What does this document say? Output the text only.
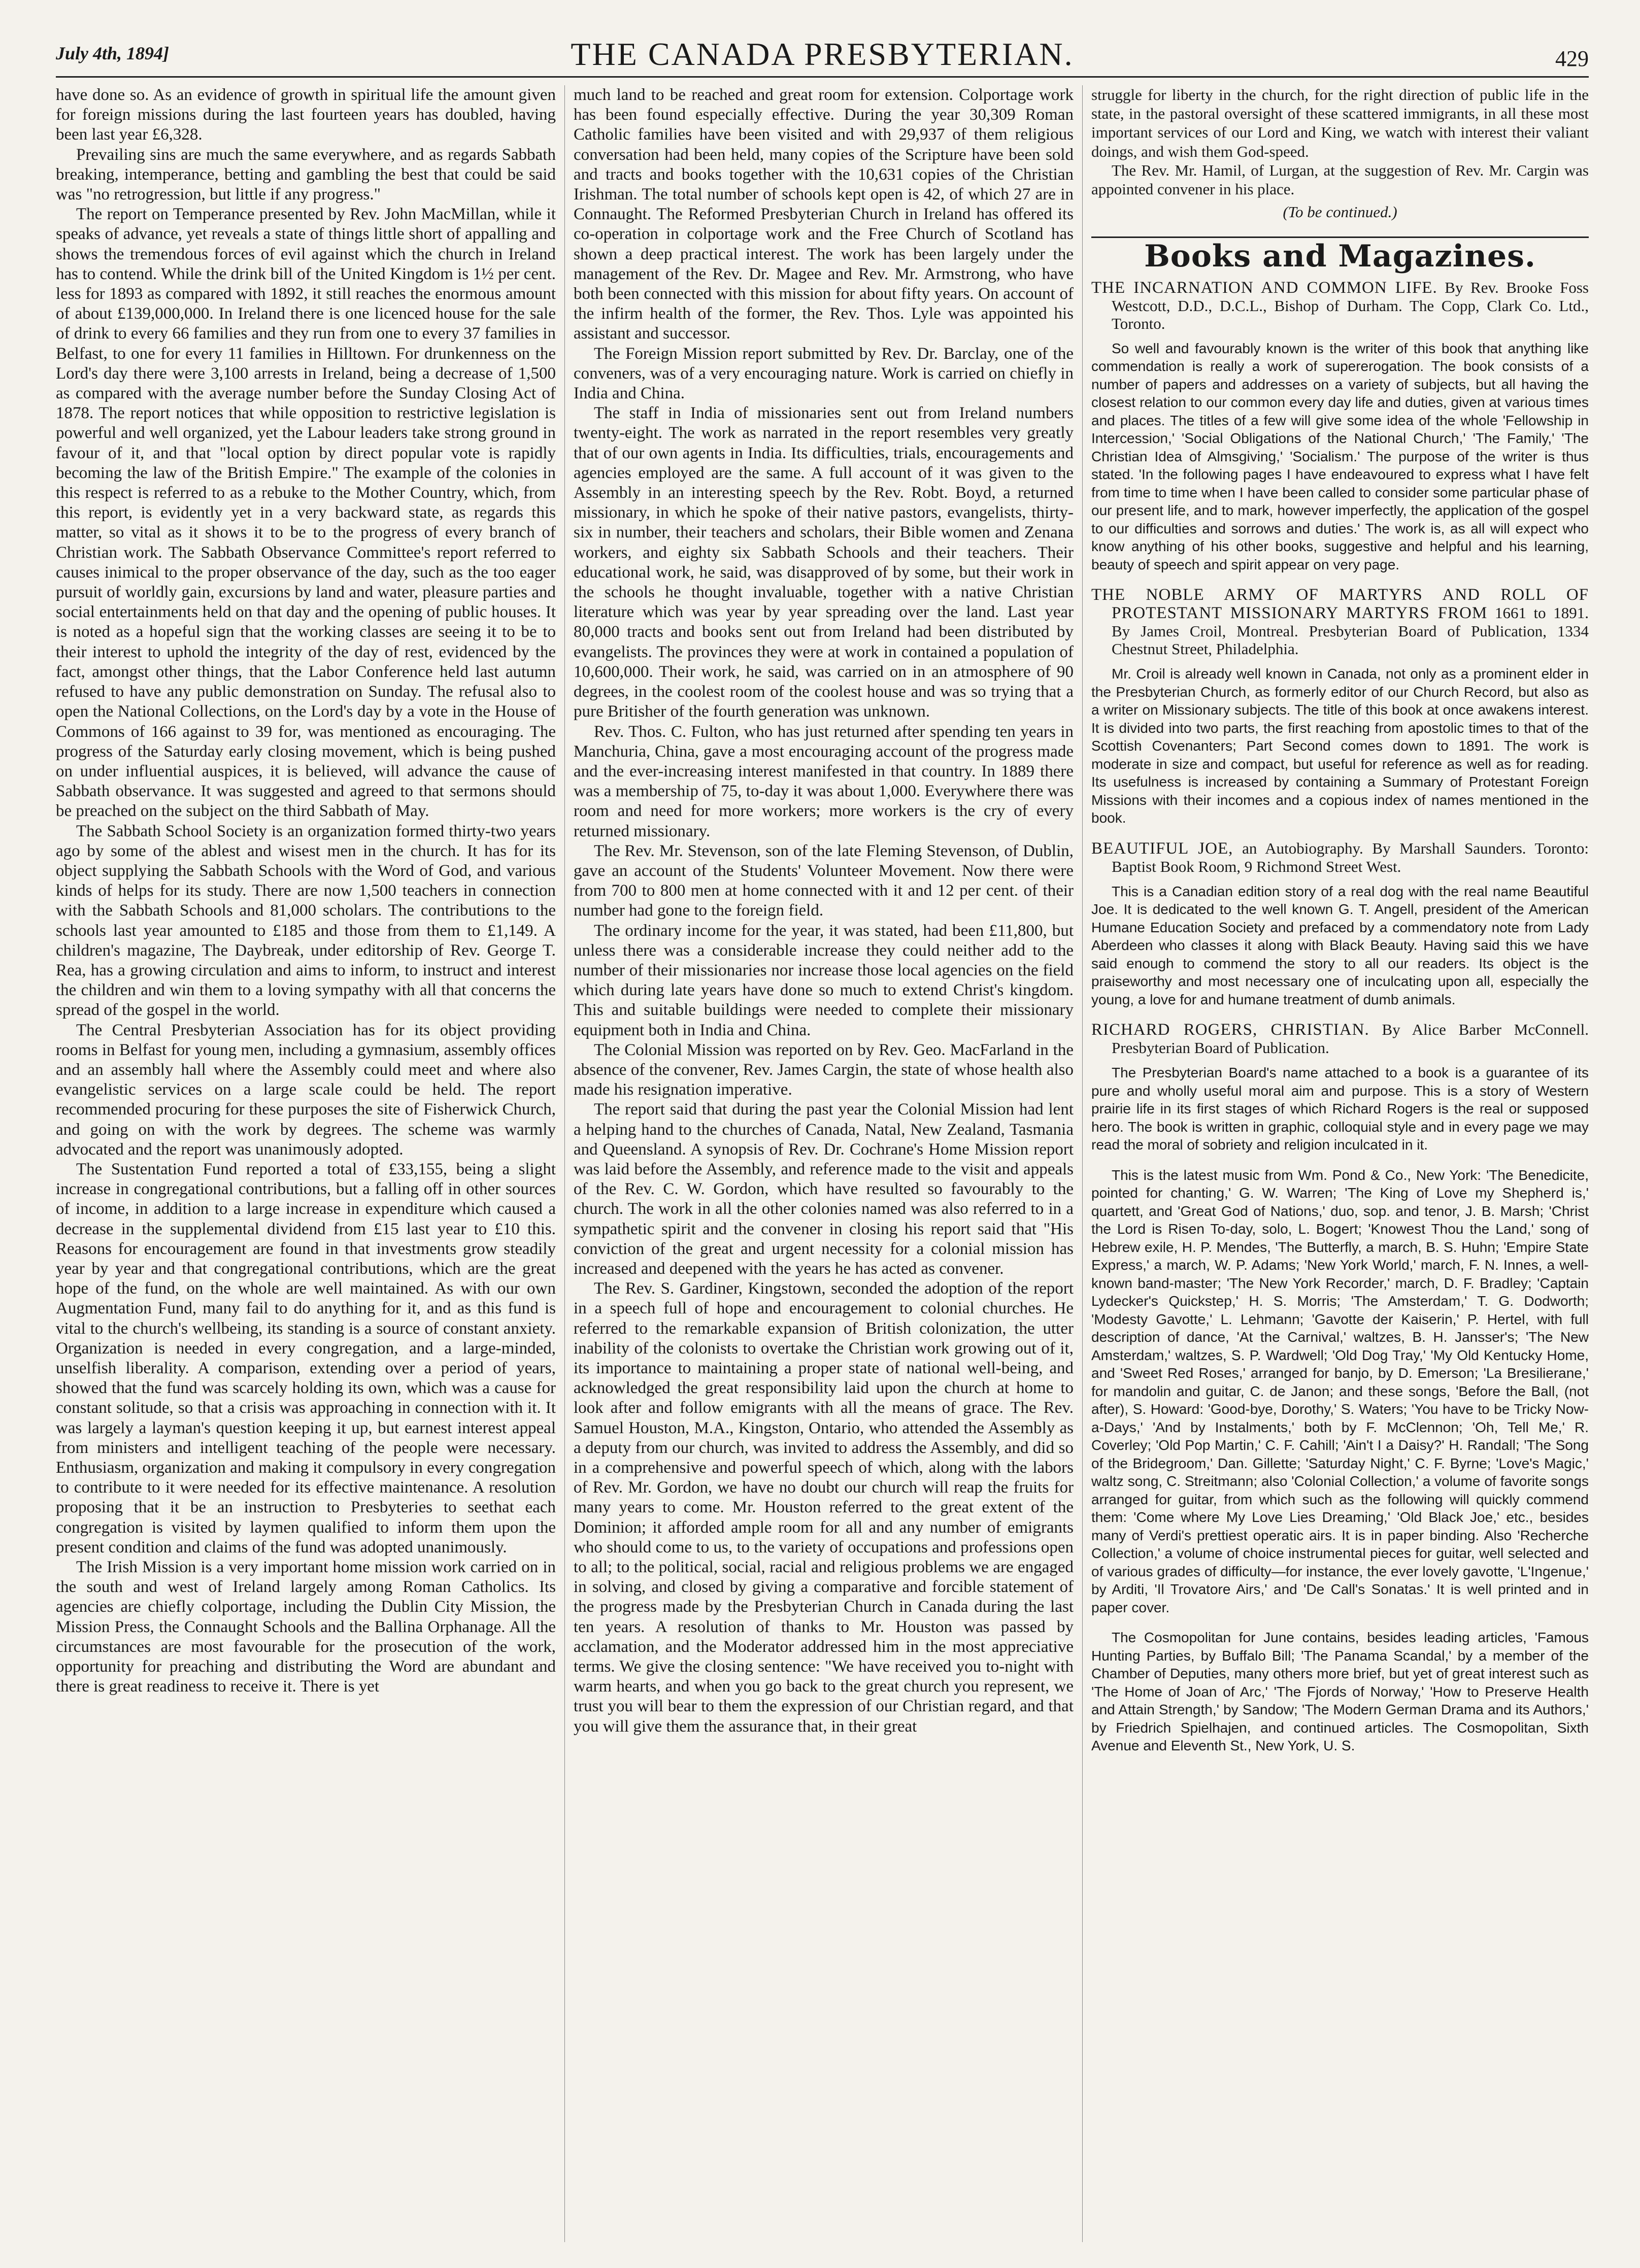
July 4th, 1894]	THE CANADA PRESBYTERIAN.	429

have done so. As an evidence of growth in spiritual life the amount given for foreign missions during the last fourteen years has doubled, having been last year £6,328.

Prevailing sins are much the same everywhere, and as regards Sabbath breaking, intemperance, betting and gambling the best that could be said was "no retrogression, but little if any progress."

The report on Temperance presented by Rev. John MacMillan, while it speaks of advance, yet reveals a state of things little short of appalling and shows the tremendous forces of evil against which the church in Ireland has to contend. While the drink bill of the United Kingdom is 1½ per cent. less for 1893 as compared with 1892, it still reaches the enormous amount of about £139,000,000. In Ireland there is one licenced house for the sale of drink to every 66 families and they run from one to every 37 families in Belfast, to one for every 11 families in Hilltown. For drunkenness on the Lord's day there were 3,100 arrests in Ireland, being a decrease of 1,500 as compared with the average number before the Sunday Closing Act of 1878. The report notices that while opposition to restrictive legislation is powerful and well organized, yet the Labour leaders take strong ground in favour of it, and that "local option by direct popular vote is rapidly becoming the law of the British Empire." The example of the colonies in this respect is referred to as a rebuke to the Mother Country, which, from this report, is evidently yet in a very backward state, as regards this matter, so vital as it shows it to be to the progress of every branch of Christian work. The Sabbath Observance Committee's report referred to causes inimical to the proper observance of the day, such as the too eager pursuit of worldly gain, excursions by land and water, pleasure parties and social entertainments held on that day and the opening of public houses. It is noted as a hopeful sign that the working classes are seeing it to be to their interest to uphold the integrity of the day of rest, evidenced by the fact, amongst other things, that the Labor Conference held last autumn refused to have any public demonstration on Sunday. The refusal also to open the National Collections, on the Lord's day by a vote in the House of Commons of 166 against to 39 for, was mentioned as encouraging. The progress of the Saturday early closing movement, which is being pushed on under influential auspices, it is believed, will advance the cause of Sabbath observance. It was suggested and agreed to that sermons should be preached on the subject on the third Sabbath of May.

The Sabbath School Society is an organization formed thirty-two years ago by some of the ablest and wisest men in the church. It has for its object supplying the Sabbath Schools with the Word of God, and various kinds of helps for its study. There are now 1,500 teachers in connection with the Sabbath Schools and 81,000 scholars. The contributions to the schools last year amounted to £185 and those from them to £1,149. A children's magazine, The Daybreak, under editorship of Rev. George T. Rea, has a growing circulation and aims to inform, to instruct and interest the children and win them to a loving sympathy with all that concerns the spread of the gospel in the world.

The Central Presbyterian Association has for its object providing rooms in Belfast for young men, including a gymnasium, assembly offices and an assembly hall where the Assembly could meet and where also evangelistic services on a large scale could be held. The report recommended procuring for these purposes the site of Fisherwick Church, and going on with the work by degrees. The scheme was warmly advocated and the report was unanimously adopted.

The Sustentation Fund reported a total of £33,155, being a slight increase in congregational contributions, but a falling off in other sources of income, in addition to a large increase in expenditure which caused a decrease in the supplemental dividend from £15 last year to £10 this. Reasons for encouragement are found in that investments grow steadily year by year and that congregational contributions, which are the great hope of the fund, on the whole are well maintained. As with our own Augmentation Fund, many fail to do anything for it, and as this fund is vital to the church's wellbeing, its standing is a source of constant anxiety. Organization is needed in every congregation, and a large-minded, unselfish liberality. A comparison, extending over a period of years, showed that the fund was scarcely holding its own, which was a cause for constant solitude, so that a crisis was approaching in connection with it. It was largely a layman's question keeping it up, but earnest interest appeal from ministers and intelligent teaching of the people were necessary. Enthusiasm, organization and making it compulsory in every congregation to contribute to it were needed for its effective maintenance. A resolution proposing that it be an instruction to Presbyteries to seethat each congregation is visited by laymen qualified to inform them upon the present condition and claims of the fund was adopted unanimously.

The Irish Mission is a very important home mission work carried on in the south and west of Ireland largely among Roman Catholics. Its agencies are chiefly colportage, including the Dublin City Mission, the Mission Press, the Connaught Schools and the Ballina Orphanage. All the circumstances are most favourable for the prosecution of the work, opportunity for preaching and distributing the Word are abundant and there is great readiness to receive it. There is yet

much land to be reached and great room for extension. Colportage work has been found especially effective. During the year 30,309 Roman Catholic families have been visited and with 29,937 of them religious conversation had been held, many copies of the Scripture have been sold and tracts and books together with the 10,631 copies of the Christian Irishman. The total number of schools kept open is 42, of which 27 are in Connaught. The Reformed Presbyterian Church in Ireland has offered its co-operation in colportage work and the Free Church of Scotland has shown a deep practical interest. The work has been largely under the management of the Rev. Dr. Magee and Rev. Mr. Armstrong, who have both been connected with this mission for about fifty years. On account of the infirm health of the former, the Rev. Thos. Lyle was appointed his assistant and successor.

The Foreign Mission report submitted by Rev. Dr. Barclay, one of the conveners, was of a very encouraging nature. Work is carried on chiefly in India and China.

The staff in India of missionaries sent out from Ireland numbers twenty-eight. The work as narrated in the report resembles very greatly that of our own agents in India. Its difficulties, trials, encouragements and agencies employed are the same. A full account of it was given to the Assembly in an interesting speech by the Rev. Robt. Boyd, a returned missionary, in which he spoke of their native pastors, evangelists, thirty-six in number, their teachers and scholars, their Bible women and Zenana workers, and eighty six Sabbath Schools and their teachers. Their educational work, he said, was disapproved of by some, but their work in the schools he thought invaluable, together with a native Christian literature which was year by year spreading over the land. Last year 80,000 tracts and books sent out from Ireland had been distributed by evangelists. The provinces they were at work in contained a population of 10,600,000. Their work, he said, was carried on in an atmosphere of 90 degrees, in the coolest room of the coolest house and was so trying that a pure Britisher of the fourth generation was unknown.

Rev. Thos. C. Fulton, who has just returned after spending ten years in Manchuria, China, gave a most encouraging account of the progress made and the ever-increasing interest manifested in that country. In 1889 there was a membership of 75, to-day it was about 1,000. Everywhere there was room and need for more workers; more workers is the cry of every returned missionary.

The Rev. Mr. Stevenson, son of the late Fleming Stevenson, of Dublin, gave an account of the Students' Volunteer Movement. Now there were from 700 to 800 men at home connected with it and 12 per cent. of their number had gone to the foreign field.

The ordinary income for the year, it was stated, had been £11,800, but unless there was a considerable increase they could neither add to the number of their missionaries nor increase those local agencies on the field which during late years have done so much to extend Christ's kingdom. This and suitable buildings were needed to complete their missionary equipment both in India and China.

The Colonial Mission was reported on by Rev. Geo. MacFarland in the absence of the convener, Rev. James Cargin, the state of whose health also made his resignation imperative.

The report said that during the past year the Colonial Mission had lent a helping hand to the churches of Canada, Natal, New Zealand, Tasmania and Queensland. A synopsis of Rev. Dr. Cochrane's Home Mission report was laid before the Assembly, and reference made to the visit and appeals of the Rev. C. W. Gordon, which have resulted so favourably to the church. The work in all the other colonies named was also referred to in a sympathetic spirit and the convener in closing his report said that "His conviction of the great and urgent necessity for a colonial mission has increased and deepened with the years he has acted as convener.

The Rev. S. Gardiner, Kingstown, seconded the adoption of the report in a speech full of hope and encouragement to colonial churches. He referred to the remarkable expansion of British colonization, the utter inability of the colonists to overtake the Christian work growing out of it, its importance to maintaining a proper state of national well-being, and acknowledged the great responsibility laid upon the church at home to look after and follow emigrants with all the means of grace. The Rev. Samuel Houston, M.A., Kingston, Ontario, who attended the Assembly as a deputy from our church, was invited to address the Assembly, and did so in a comprehensive and powerful speech of which, along with the labors of Rev. Mr. Gordon, we have no doubt our church will reap the fruits for many years to come. Mr. Houston referred to the great extent of the Dominion; it afforded ample room for all and any number of emigrants who should come to us, to the variety of occupations and professions open to all; to the political, social, racial and religious problems we are engaged in solving, and closed by giving a comparative and forcible statement of the progress made by the Presbyterian Church in Canada during the last ten years. A resolution of thanks to Mr. Houston was passed by acclamation, and the Moderator addressed him in the most appreciative terms. We give the closing sentence: "We have received you to-night with warm hearts, and when you go back to the great church you represent, we trust you will bear to them the expression of our Christian regard, and that you will give them the assurance that, in their great

struggle for liberty in the church, for the right direction of public life in the state, in the pastoral oversight of these scattered immigrants, in all these most important services of our Lord and King, we watch with interest their valiant doings, and wish them God-speed.

The Rev. Mr. Hamil, of Lurgan, at the suggestion of Rev. Mr. Cargin was appointed convener in his place.

(To be continued.)

Books and Magazines.
THE INCARNATION AND COMMON LIFE. By Rev. Brooke Foss Westcott, D.D., D.C.L., Bishop of Durham. The Copp, Clark Co. Ltd., Toronto.

So well and favourably known is the writer of this book that anything like commendation is really a work of supererogation. The book consists of a number of papers and addresses on a variety of subjects, but all having the closest relation to our common every day life and duties, given at various times and places. The titles of a few will give some idea of the whole 'Fellowship in Intercession,' 'Social Obligations of the National Church,' 'The Family,' 'The Christian Idea of Almsgiving,' 'Socialism.' The purpose of the writer is thus stated. 'In the following pages I have endeavoured to express what I have felt from time to time when I have been called to consider some particular phase of our present life, and to mark, however imperfectly, the application of the gospel to our difficulties and sorrows and duties.' The work is, as all will expect who know anything of his other books, suggestive and helpful and his learning, beauty of speech and spirit appear on very page.

THE NOBLE ARMY OF MARTYRS AND ROLL OF PROTESTANT MISSIONARY MARTYRS FROM 1661 to 1891. By James Croil, Montreal. Presbyterian Board of Publication, 1334 Chestnut Street, Philadelphia.

Mr. Croil is already well known in Canada, not only as a prominent elder in the Presbyterian Church, as formerly editor of our Church Record, but also as a writer on Missionary subjects. The title of this book at once awakens interest. It is divided into two parts, the first reaching from apostolic times to that of the Scottish Covenanters; Part Second comes down to 1891. The work is moderate in size and compact, but useful for reference as well as for reading. Its usefulness is increased by containing a Summary of Protestant Foreign Missions with their incomes and a copious index of names mentioned in the book.

BEAUTIFUL JOE, an Autobiography. By Marshall Saunders. Toronto: Baptist Book Room, 9 Richmond Street West.

This is a Canadian edition story of a real dog with the real name Beautiful Joe. It is dedicated to the well known G. T. Angell, president of the American Humane Education Society and prefaced by a commendatory note from Lady Aberdeen who classes it along with Black Beauty. Having said this we have said enough to commend the story to all our readers. Its object is the praiseworthy and most necessary one of inculcating upon all, especially the young, a love for and humane treatment of dumb animals.

RICHARD ROGERS, CHRISTIAN. By Alice Barber McConnell. Presbyterian Board of Publication.

The Presbyterian Board's name attached to a book is a guarantee of its pure and wholly useful moral aim and purpose. This is a story of Western prairie life in its first stages of which Richard Rogers is the real or supposed hero. The book is written in graphic, colloquial style and in every page we may read the moral of sobriety and religion inculcated in it.

This is the latest music from Wm. Pond & Co., New York: 'The Benedicite, pointed for chanting,' G. W. Warren; 'The King of Love my Shepherd is,' quartett, and 'Great God of Nations,' duo, sop. and tenor, J. B. Marsh; 'Christ the Lord is Risen To-day, solo, L. Bogert; 'Knowest Thou the Land,' song of Hebrew exile, H. P. Mendes, 'The Butterfly, a march, B. S. Huhn; 'Empire State Express,' a march, W. P. Adams; 'New York World,' march, F. N. Innes, a well-known band-master; 'The New York Recorder,' march, D. F. Bradley; 'Captain Lydecker's Quickstep,' H. S. Morris; 'The Amsterdam,' T. G. Dodworth; 'Modesty Gavotte,' L. Lehmann; 'Gavotte der Kaiserin,' P. Hertel, with full description of dance, 'At the Carnival,' waltzes, B. H. Jansser's; 'The New Amsterdam,' waltzes, S. P. Wardwell; 'Old Dog Tray,' 'My Old Kentucky Home, and 'Sweet Red Roses,' arranged for banjo, by D. Emerson; 'La Bresilierane,' for mandolin and guitar, C. de Janon; and these songs, 'Before the Ball, (not after), S. Howard: 'Good-bye, Dorothy,' S. Waters; 'You have to be Tricky Now-a-Days,' 'And by Instalments,' both by F. McClennon; 'Oh, Tell Me,' R. Coverley; 'Old Pop Martin,' C. F. Cahill; 'Ain't I a Daisy?' H. Randall; 'The Song of the Bridegroom,' Dan. Gillette; 'Saturday Night,' C. F. Byrne; 'Love's Magic,' waltz song, C. Streitmann; also 'Colonial Collection,' a volume of favorite songs arranged for guitar, from which such as the following will quickly commend them: 'Come where My Love Lies Dreaming,' 'Old Black Joe,' etc., besides many of Verdi's prettiest operatic airs. It is in paper binding. Also 'Recherche Collection,' a volume of choice instrumental pieces for guitar, well selected and of various grades of difficulty—for instance, the ever lovely gavotte, 'L'Ingenue,' by Arditi, 'Il Trovatore Airs,' and 'De Call's Sonatas.' It is well printed and in paper cover.

The Cosmopolitan for June contains, besides leading articles, 'Famous Hunting Parties, by Buffalo Bill; 'The Panama Scandal,' by a member of the Chamber of Deputies, many others more brief, but yet of great interest such as 'The Home of Joan of Arc,' 'The Fjords of Norway,' 'How to Preserve Health and Attain Strength,' by Sandow; 'The Modern German Drama and its Authors,' by Friedrich Spielhajen, and continued articles. The Cosmopolitan, Sixth Avenue and Eleventh St., New York, U. S.
